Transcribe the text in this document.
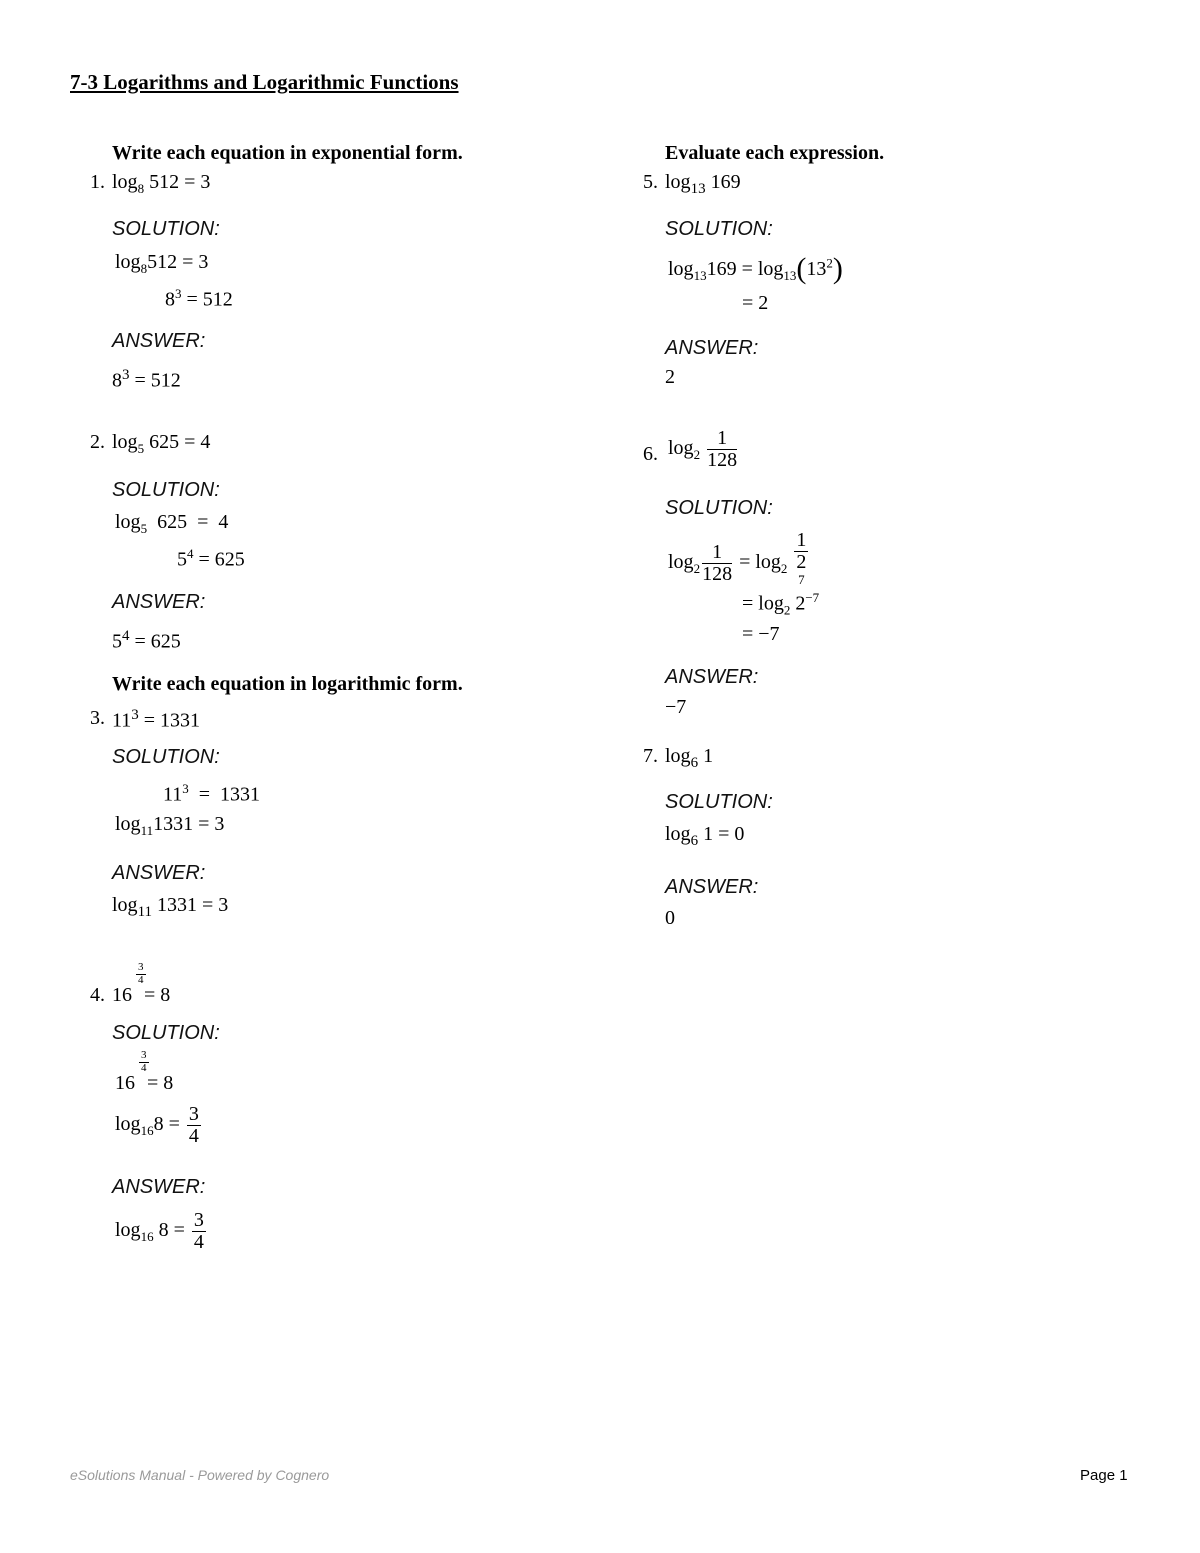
7-3 Logarithms and Logarithmic Functions
Write each equation in exponential form.
1. $\log_8 512 = 3$
SOLUTION:
$\log_8512 = 3$
$8^3 = 512$
ANSWER:
$8^3 = 512$
2. $\log_5 625 = 4$
SOLUTION:
$\log_5 625 = 4$
$5^4 = 625$
ANSWER:
$5^4 = 625$
Write each equation in logarithmic form.
3. $11^3 = 1331$
SOLUTION:
$11^3 = 1331$
$\log_{11}1331 = 3$
ANSWER:
$\log_{11} 1331 = 3$
4. 16
$\frac{3}{4}$
= 8
SOLUTION:
16
$\frac{3}{4}$
= 8
$\log_{16}8 = \frac{3}{4}$
ANSWER:
$\log_{16} 8 = \frac{3}{4}$
Evaluate each expression.
5. $\log_{13} 169$
SOLUTION:
$\log_{13}169 = \log_{13}(13^2)$
= 2
ANSWER:
2
6. $\log_2 \frac{1}{128}$
SOLUTION:
$\log_2 \frac{1}{128} = \log_2 1$
2
$^7$
= $\log_2 2^{-7}$
= −7
ANSWER:
−7
7. $\log_6 1$
SOLUTION:
$\log_6 1 = 0$
ANSWER:
0
eSolutions Manual - Powered by Cognero	Page 1
